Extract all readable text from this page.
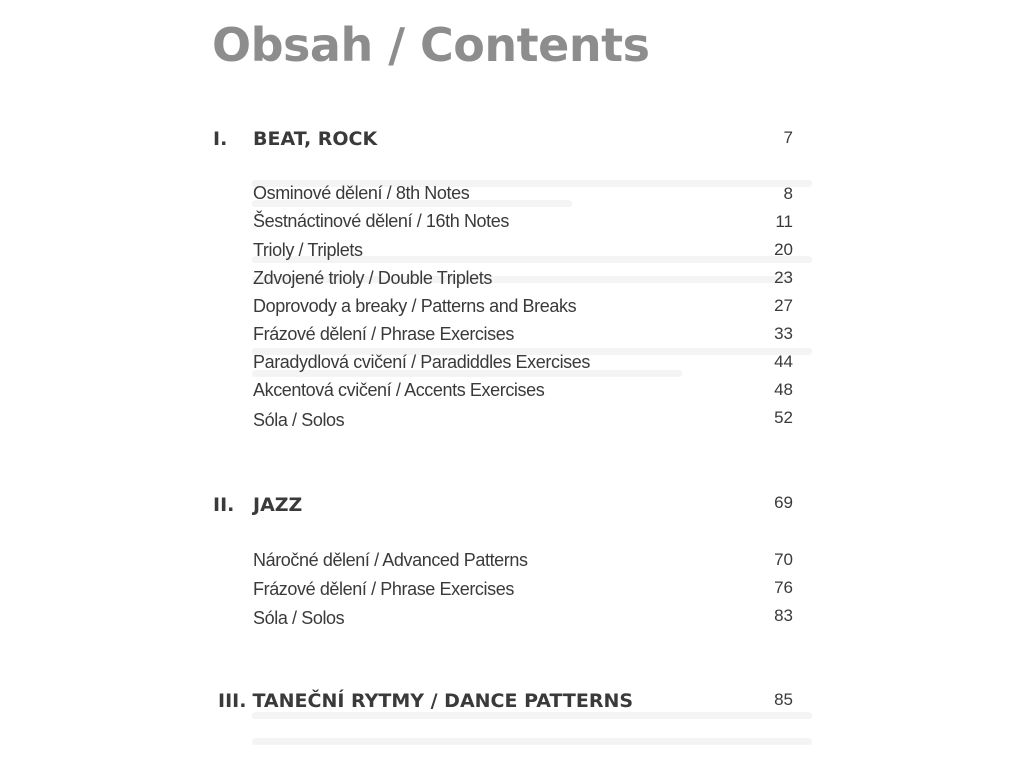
Obsah / Contents
I.	BEAT, ROCK	7
Osminové dělení / 8th Notes	8
Šestnáctinové dělení / 16th Notes	11
Trioly / Triplets	20
Zdvojené trioly / Double Triplets	23
Doprovody a breaky / Patterns and Breaks	27
Frázové dělení / Phrase Exercises	33
Paradydlová cvičení / Paradiddles Exercises	44
Akcentová cvičení / Accents Exercises	48
Sóla / Solos	52
II. JAZZ	69
Náročné dělení / Advanced Patterns	70
Frázové dělení / Phrase Exercises	76
Sóla / Solos	83
III. TANEČNÍ RYTMY / DANCE PATTERNS	85
